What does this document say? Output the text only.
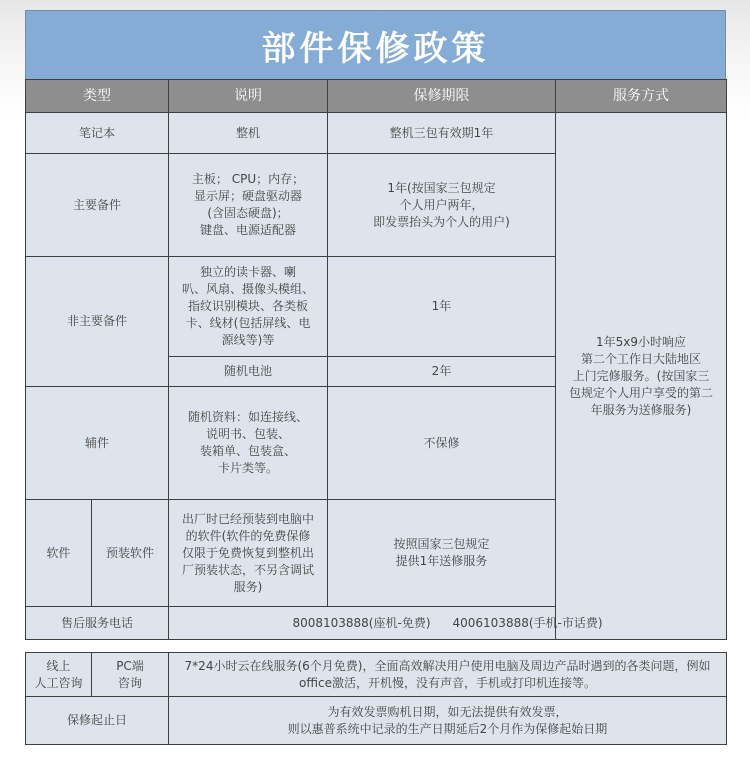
部件保修政策
类型		说明	保修期限	服务方式
笔记本		整机	整机三包有效期1年	1年5x9小时响应
第二个工作日大陆地区
上门完修服务。(按国家三
包规定个人用户享受的第二
年服务为送修服务)
主要备件		主板； CPU；内存；
显示屏；硬盘驱动器
(含固态硬盘)；
键盘、电源适配器	1年(按国家三包规定
个人用户两年，
即发票抬头为个人的用户)	
非主要备件		独立的读卡器、喇
叭、风扇、摄像头模组、
指纹识别模块、各类板
卡、线材(包括屏线、电
源线等)等	1年	
		随机电池	2年	
辅件		随机资料：如连接线、
说明书、包装、
装箱单、包装盒、
卡片类等。	不保修	
软件	预装软件	出厂时已经预装到电脑中
的软件(软件的免费保修
仅限于免费恢复到整机出
厂预装状态，不另含调试
服务)	按照国家三包规定
提供1年送修服务	
售后服务电话		8008103888(座机-免费) 4006103888(手机-市话费)		
线上
人工咨询	PC端
咨询	7*24小时云在线服务(6个月免费)，全面高效解决用户使用电脑及周边产品时遇到的各类问题，例如office激活，开机慢，没有声音，手机或打印机连接等。
保修起止日		为有效发票购机日期，如无法提供有效发票，
则以惠普系统中记录的生产日期延后2个月作为保修起始日期
